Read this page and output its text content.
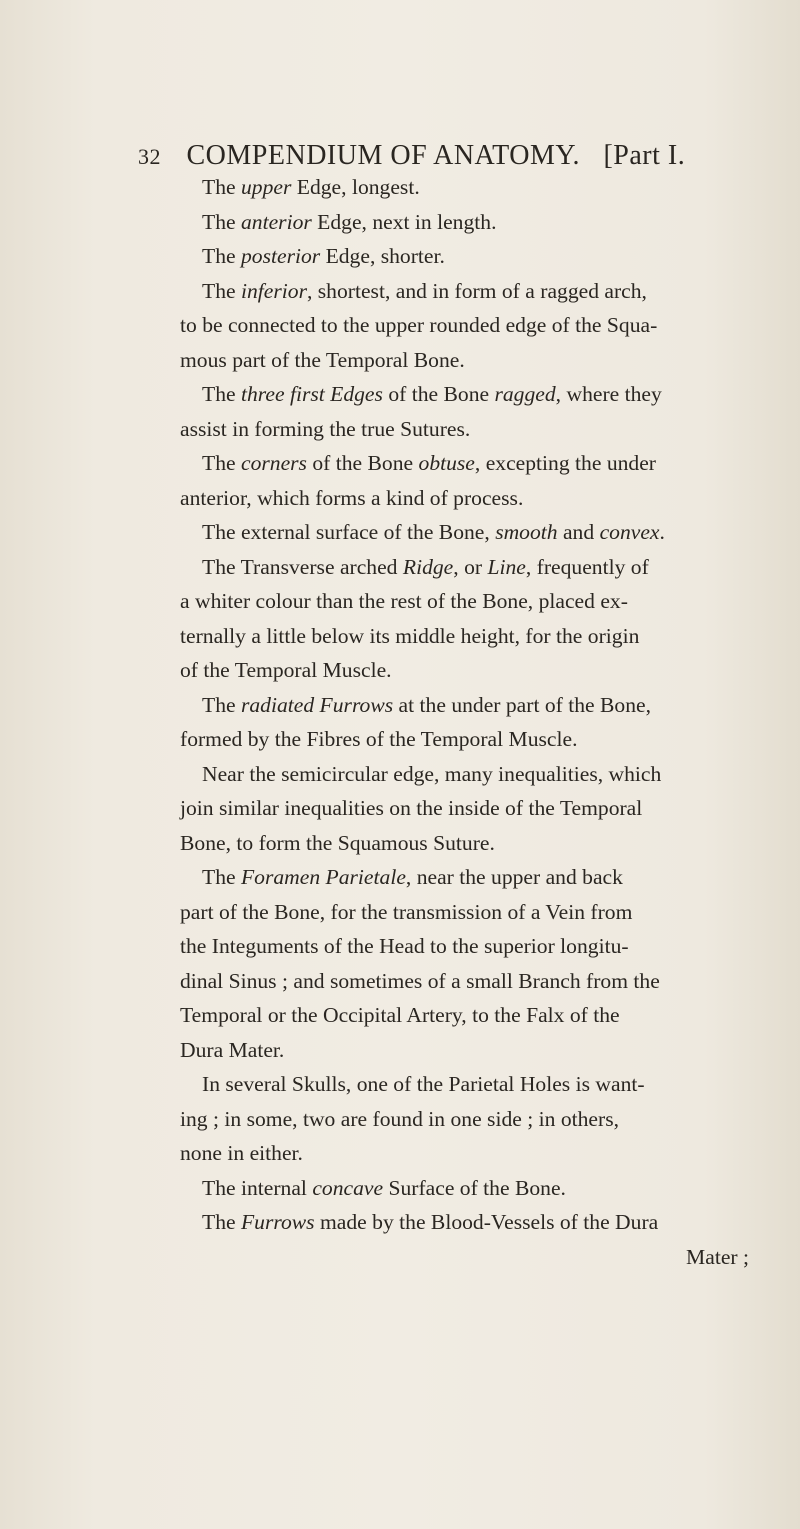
32 COMPENDIUM OF ANATOMY. [Part I.
The upper Edge, longest.
The anterior Edge, next in length.
The posterior Edge, shorter.
The inferior, shortest, and in form of a ragged arch,
to be connected to the upper rounded edge of the Squa-
mous part of the Temporal Bone.
The three first Edges of the Bone ragged, where they
assist in forming the true Sutures.
The corners of the Bone obtuse, excepting the under
anterior, which forms a kind of process.
The external surface of the Bone, smooth and convex.
The Transverse arched Ridge, or Line, frequently of
a whiter colour than the rest of the Bone, placed ex-
ternally a little below its middle height, for the origin
of the Temporal Muscle.
The radiated Furrows at the under part of the Bone,
formed by the Fibres of the Temporal Muscle.
Near the semicircular edge, many inequalities, which
join similar inequalities on the inside of the Temporal
Bone, to form the Squamous Suture.
The Foramen Parietale, near the upper and back
part of the Bone, for the transmission of a Vein from
the Integuments of the Head to the superior longitu-
dinal Sinus ; and sometimes of a small Branch from the
Temporal or the Occipital Artery, to the Falx of the
Dura Mater.
In several Skulls, one of the Parietal Holes is want-
ing ; in some, two are found in one side ; in others,
none in either.
The internal concave Surface of the Bone.
The Furrows made by the Blood-Vessels of the Dura
Mater ;
